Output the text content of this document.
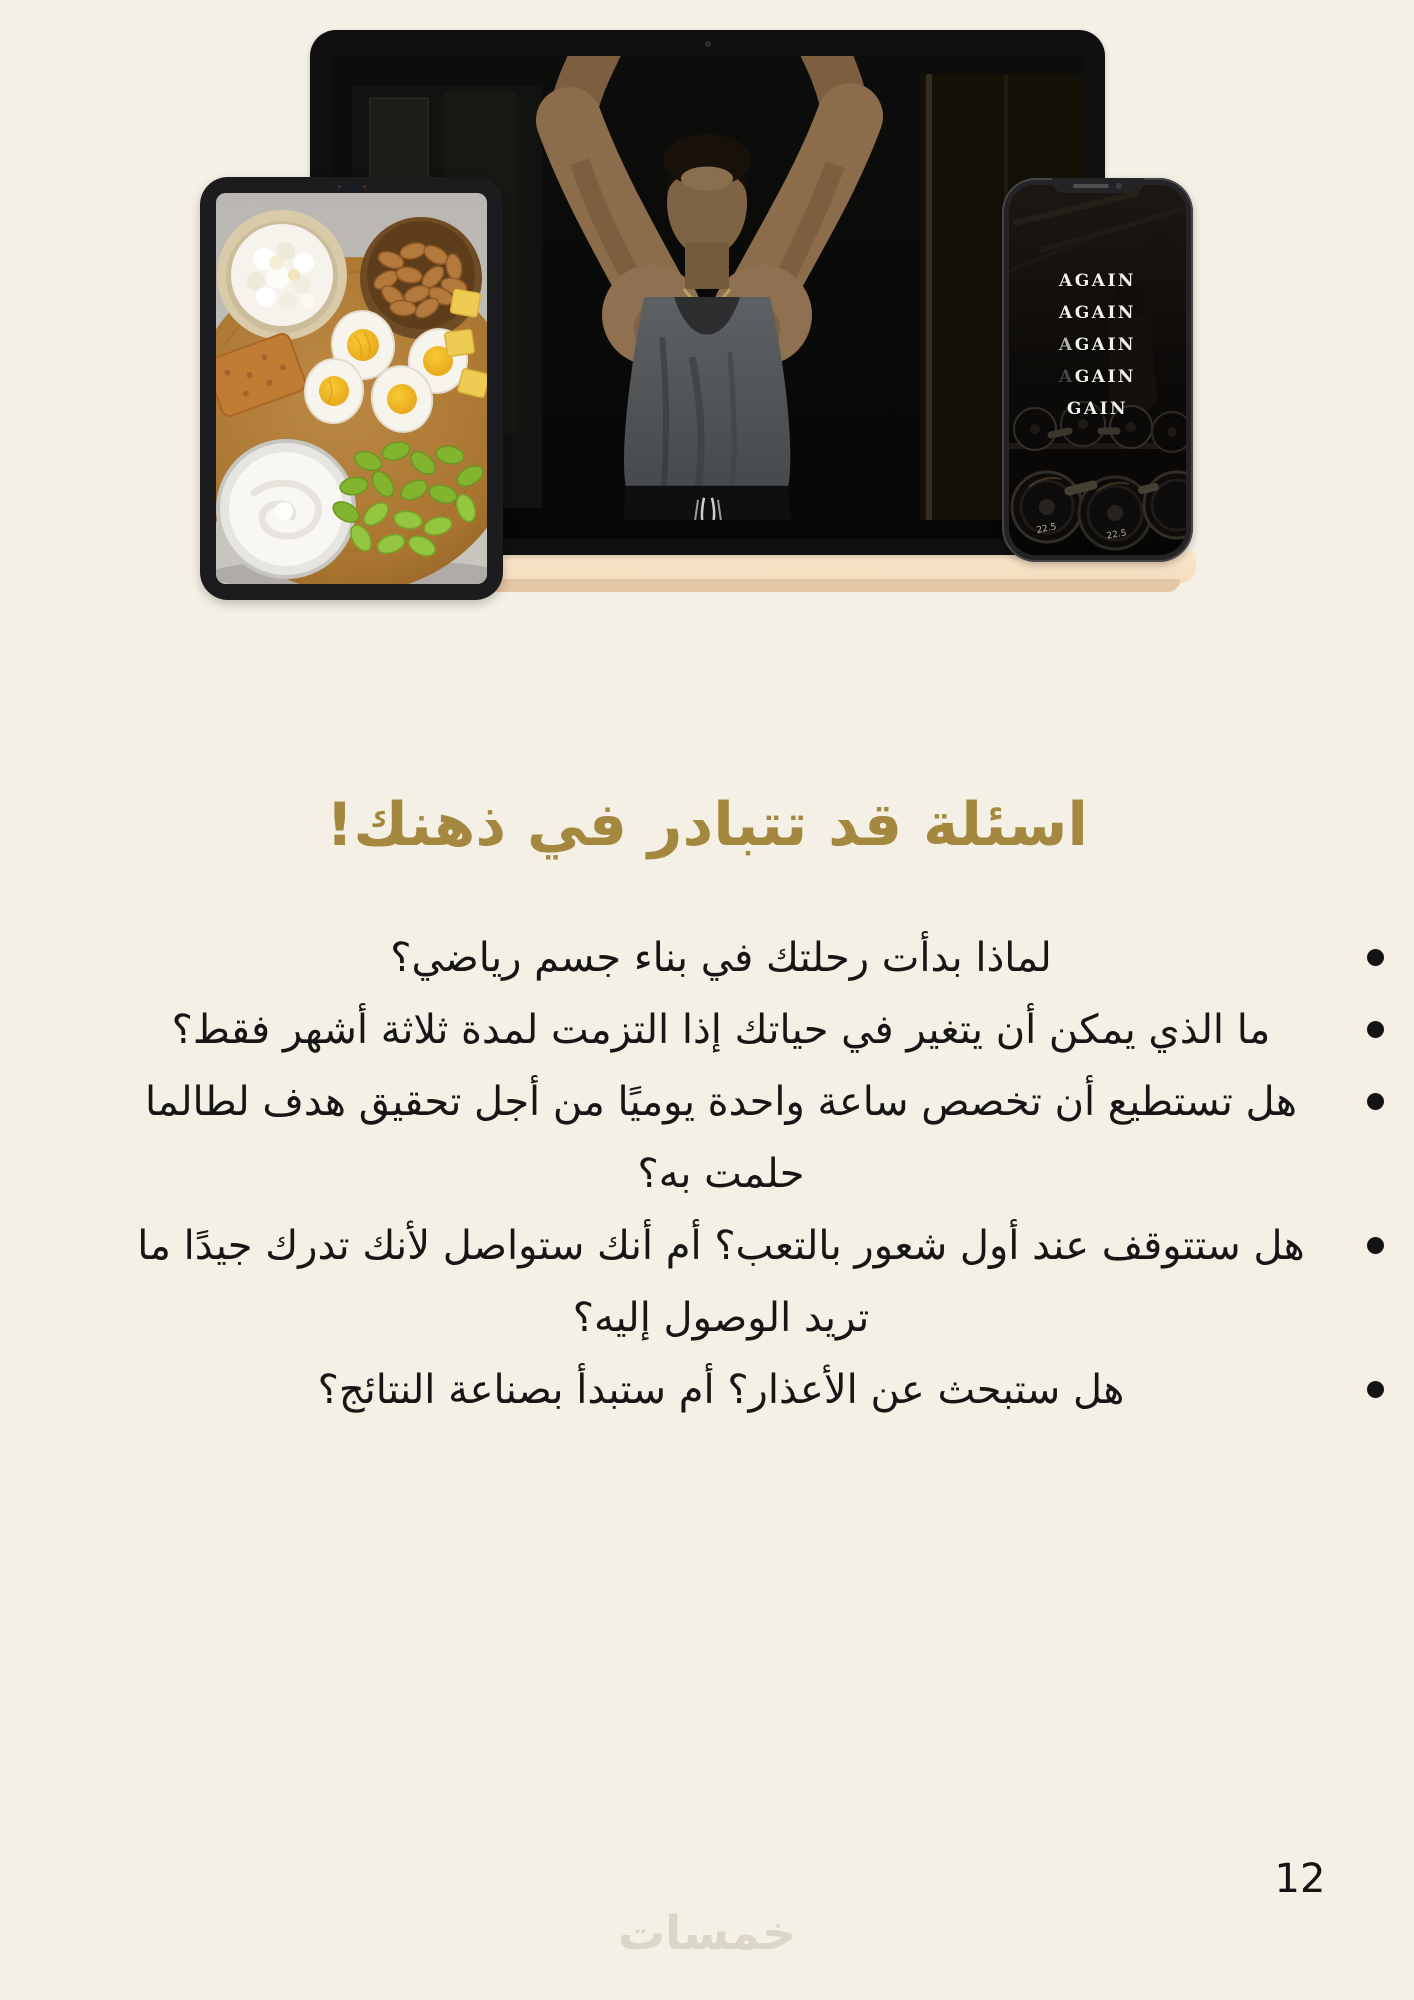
22.5	22.5
AGAIN
AGAIN
AGAIN
AGAIN
GAIN
اسئلة قد تتبادر في ذهنك!
لماذا بدأت رحلتك في بناء جسم رياضي؟
ما الذي يمكن أن يتغير في حياتك إذا التزمت لمدة ثلاثة أشهر فقط؟
هل تستطيع أن تخصص ساعة واحدة يوميًا من أجل تحقيق هدف لطالما حلمت به؟
هل ستتوقف عند أول شعور بالتعب؟ أم أنك ستواصل لأنك تدرك جيدًا ما تريد الوصول إليه؟
هل ستبحث عن الأعذار؟ أم ستبدأ بصناعة النتائج؟
12
خمسات
